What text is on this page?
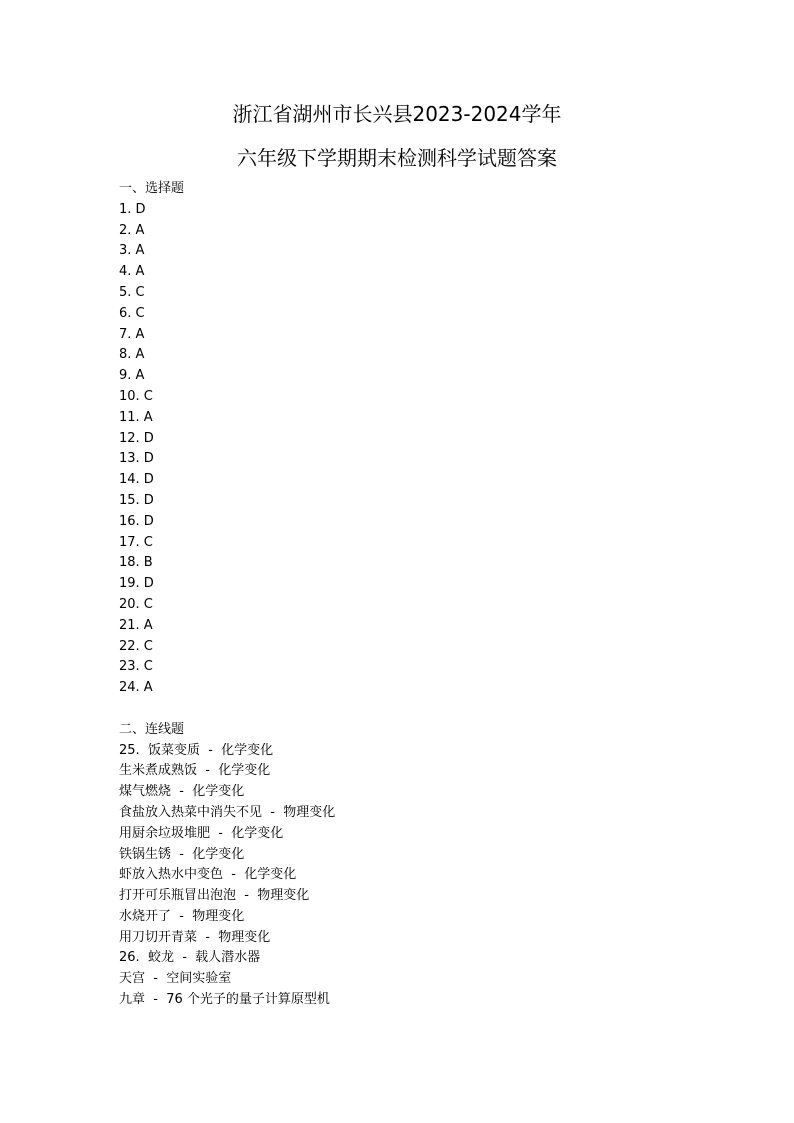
浙江省湖州市长兴县2023-2024学年
六年级下学期期末检测科学试题答案
一、选择题
1. D
2. A
3. A
4. A
5. C
6. C
7. A
8. A
9. A
10. C
11. A
12. D
13. D
14. D
15. D
16. D
17. C
18. B
19. D
20. C
21. A
22. C
23. C
24. A
二、连线题
25.  饭菜变质  -  化学变化
生米煮成熟饭  -  化学变化
煤气燃烧  -  化学变化
食盐放入热菜中消失不见  -  物理变化
用厨余垃圾堆肥  -  化学变化
铁锅生锈  -  化学变化
虾放入热水中变色  -  化学变化
打开可乐瓶冒出泡泡  -  物理变化
水烧开了  -  物理变化
用刀切开青菜  -  物理变化
26.  蛟龙  -  载人潜水器
天宫  -  空间实验室
九章  -  76 个光子的量子计算原型机
